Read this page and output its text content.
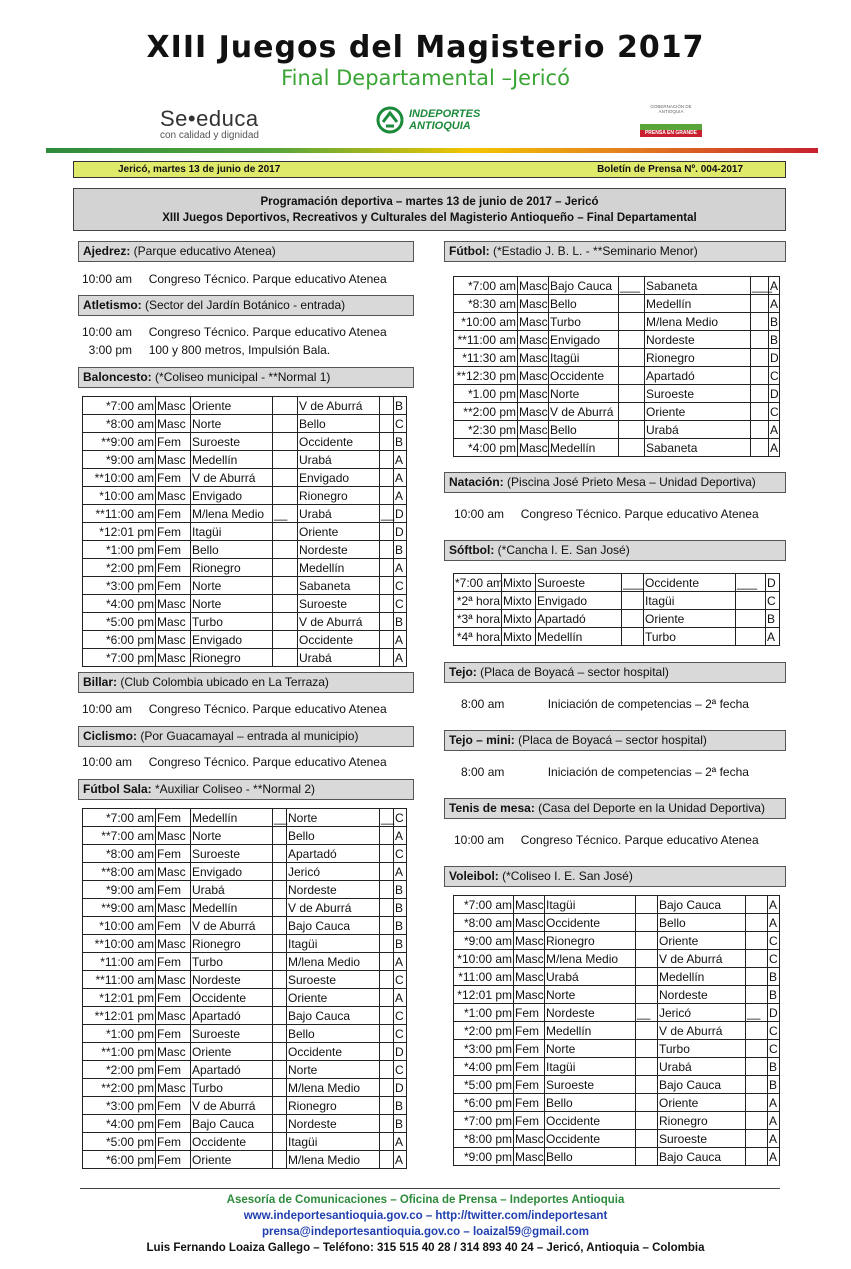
XIII Juegos del Magisterio 2017
Final Departamental –Jericó
Se•educa
con calidad y dignidad
INDEPORTES
ANTIOQUIA
GOBERNACIÓN DE ANTIOQUIA
PRENSA EN GRANDE
Jericó, martes 13 de junio de 2017	Boletín de Prensa Nº. 004-2017
Programación deportiva – martes 13 de junio de 2017 – Jericó
XIII Juegos Deportivos, Recreativos y Culturales del Magisterio Antioqueño – Final Departamental
Ajedrez: (Parque educativo Atenea)
10:00 am     Congreso Técnico. Parque educativo Atenea
Atletismo: (Sector del Jardín Botánico - entrada)
10:00 am     Congreso Técnico. Parque educativo Atenea
3:00 pm     100 y 800 metros, Impulsión Bala.
Baloncesto: (*Coliseo municipal - **Normal 1)
*7:00 am	Masc	Oriente		V de Aburrá		B
*8:00 am	Masc	Norte		Bello		C
**9:00 am	Fem	Suroeste		Occidente		B
*9:00 am	Masc	Medellín		Urabá		A
**10:00 am	Fem	V de Aburrá		Envigado		A
*10:00 am	Masc	Envigado		Rionegro		A
**11:00 am	Fem	M/lena Medio	__	Urabá	__	D
*12:01 pm	Fem	Itagüi		Oriente		D
*1:00 pm	Fem	Bello		Nordeste		B
*2:00 pm	Fem	Rionegro		Medellín		A
*3:00 pm	Fem	Norte		Sabaneta		C
*4:00 pm	Masc	Norte		Suroeste		C
*5:00 pm	Masc	Turbo		V de Aburrá		B
*6:00 pm	Masc	Envigado		Occidente		A
*7:00 pm	Masc	Rionegro		Urabá		A
Billar: (Club Colombia ubicado en La Terraza)
10:00 am     Congreso Técnico. Parque educativo Atenea
Ciclismo: (Por Guacamayal – entrada al municipio)
10:00 am     Congreso Técnico. Parque educativo Atenea
Fútbol Sala: *Auxiliar Coliseo - **Normal 2)
*7:00 am	Fem	Medellín	__	Norte	__	C
**7:00 am	Masc	Norte		Bello		A
*8:00 am	Fem	Suroeste		Apartadó		C
**8:00 am	Masc	Envigado		Jericó		A
*9:00 am	Fem	Urabá		Nordeste		B
**9:00 am	Masc	Medellín		V de Aburrá		B
*10:00 am	Fem	V de Aburrá		Bajo Cauca		B
**10:00 am	Masc	Rionegro		Itagüi		B
*11:00 am	Fem	Turbo		M/lena Medio		A
**11:00 am	Masc	Nordeste		Suroeste		C
*12:01 pm	Fem	Occidente		Oriente		A
**12:01 pm	Masc	Apartadó		Bajo Cauca		C
*1:00 pm	Fem	Suroeste		Bello		C
**1:00 pm	Masc	Oriente		Occidente		D
*2:00 pm	Fem	Apartadó		Norte		C
**2:00 pm	Masc	Turbo		M/lena Medio		D
*3:00 pm	Fem	V de Aburrá		Rionegro		B
*4:00 pm	Fem	Bajo Cauca		Nordeste		B
*5:00 pm	Fem	Occidente		Itagüi		A
*6:00 pm	Fem	Oriente		M/lena Medio		A
Fútbol: (*Estadio J. B. L. - **Seminario Menor)
*7:00 am	Masc	Bajo Cauca	___	Sabaneta	___	A
*8:30 am	Masc	Bello		Medellín		A
*10:00 am	Masc	Turbo		M/lena Medio		B
**11:00 am	Masc	Envigado		Nordeste		B
*11:30 am	Masc	Itagüi		Rionegro		D
**12:30 pm	Masc	Occidente		Apartadó		C
*1.00 pm	Masc	Norte		Suroeste		D
**2:00 pm	Masc	V de Aburrá		Oriente		C
*2:30 pm	Masc	Bello		Urabá		A
*4:00 pm	Masc	Medellín		Sabaneta		A
Natación: (Piscina José Prieto Mesa – Unidad Deportiva)
10:00 am     Congreso Técnico. Parque educativo Atenea
Sóftbol: (*Cancha I. E. San José)
*7:00 am	Mixto	Suroeste	___	Occidente	___	D
*2ª hora	Mixto	Envigado		Itagüi		C
*3ª hora	Mixto	Apartadó		Oriente		B
*4ª hora	Mixto	Medellín		Turbo		A
Tejo: (Placa de Boyacá – sector hospital)
8:00 am             Iniciación de competencias – 2ª fecha
Tejo – mini: (Placa de Boyacá – sector hospital)
8:00 am             Iniciación de competencias – 2ª fecha
Tenis de mesa: (Casa del Deporte en la Unidad Deportiva)
10:00 am     Congreso Técnico. Parque educativo Atenea
Voleibol: (*Coliseo I. E. San José)
*7:00 am	Masc	Itagüi		Bajo Cauca		A
*8:00 am	Masc	Occidente		Bello		A
*9:00 am	Masc	Rionegro		Oriente		C
*10:00 am	Masc	M/lena Medio		V de Aburrá		C
*11:00 am	Masc	Urabá		Medellín		B
*12:01 pm	Masc	Norte		Nordeste		B
*1:00 pm	Fem	Nordeste	__	Jericó	__	D
*2:00 pm	Fem	Medellín		V de Aburrá		C
*3:00 pm	Fem	Norte		Turbo		C
*4:00 pm	Fem	Itagüi		Urabá		B
*5:00 pm	Fem	Suroeste		Bajo Cauca		B
*6:00 pm	Fem	Bello		Oriente		A
*7:00 pm	Fem	Occidente		Rionegro		A
*8:00 pm	Masc	Occidente		Suroeste		A
*9:00 pm	Masc	Bello		Bajo Cauca		A
Asesoría de Comunicaciones – Oficina de Prensa – Indeportes Antioquia
www.indeportesantioquia.gov.co – http://twitter.com/indeportesant
prensa@indeportesantioquia.gov.co – loaizal59@gmail.com
Luis Fernando Loaiza Gallego – Teléfono: 315 515 40 28 / 314 893 40 24 – Jericó, Antioquia – Colombia
